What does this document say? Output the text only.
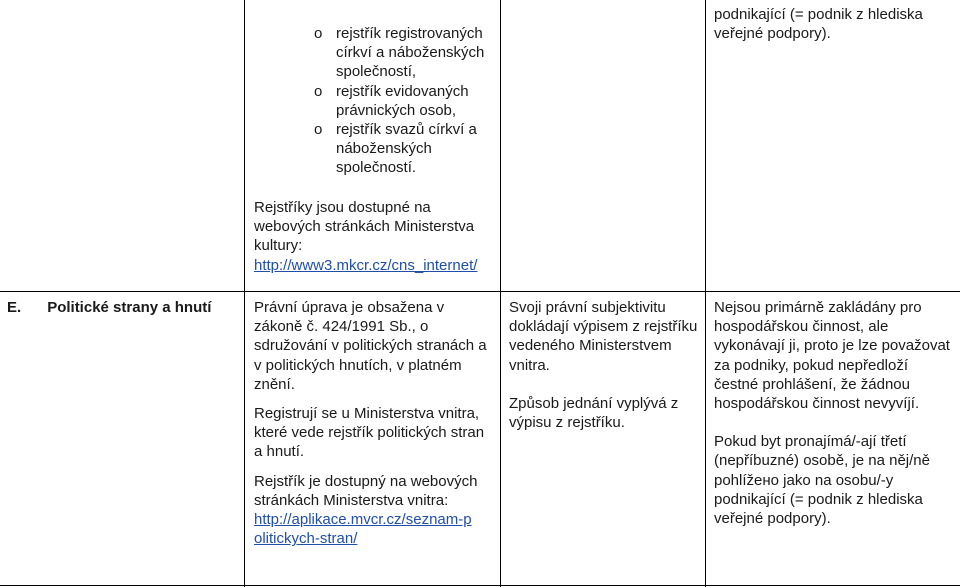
o rejstřík registrovaných církví a náboženských společností,
o rejstřík evidovaných právnických osob,
o rejstřík svazů církví a náboženských společností.

Rejstříky jsou dostupné na webových stránkách Ministerstva kultury:

http://www3.mkcr.cz/cns_internet/

podnikající (= podnik z hlediska veřejné podpory).

E. Politické strany a hnutí	Právní úprava je obsažena v zákoně č. 424/1991 Sb., o sdružování v politických stranách a v politických hnutích, v platném znění.

Registrují se u Ministerstva vnitra, které vede rejstřík politických stran a hnutí.

Rejstřík je dostupný na webových stránkách Ministerstva vnitra:

http://aplikace.mvcr.cz/seznam-politickych-stran/

Svoji právní subjektivitu dokládají výpisem z rejstříku vedeného Ministerstvem vnitra.

Způsob jednání vyplývá z výpisu z rejstříku.

Nejsou primárně zakládány pro hospodářskou činnost, ale vykonávají ji, proto je lze považovat za podniky, pokud nepředloží čestné prohlášení, že žádnou hospodářskou činnost nevyvíjí.

Pokud byt pronajímá/-ají třetí (nepříbuzné) osobě, je na něj/ně pohlížено jako na osobu/-y podnikající (= podnik z hlediska veřejné podpory).
